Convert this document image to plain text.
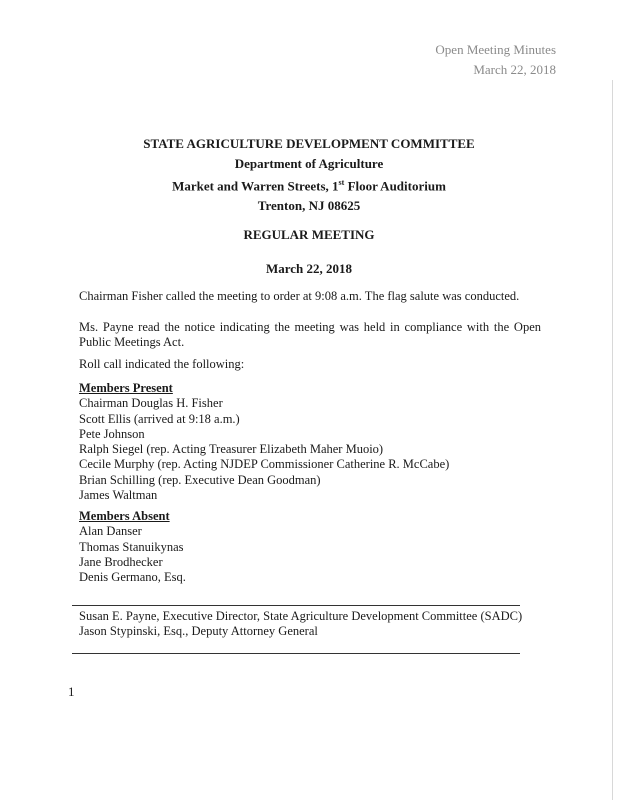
Open Meeting Minutes
March 22, 2018
STATE AGRICULTURE DEVELOPMENT COMMITTEE
Department of Agriculture
Market and Warren Streets, 1st Floor Auditorium
Trenton, NJ 08625
REGULAR MEETING
March 22, 2018
Chairman Fisher called the meeting to order at 9:08 a.m. The flag salute was conducted.
Ms. Payne read the notice indicating the meeting was held in compliance with the Open Public Meetings Act.
Roll call indicated the following:
Members Present
Chairman Douglas H. Fisher
Scott Ellis (arrived at 9:18 a.m.)
Pete Johnson
Ralph Siegel (rep. Acting Treasurer Elizabeth Maher Muoio)
Cecile Murphy (rep. Acting NJDEP Commissioner Catherine R. McCabe)
Brian Schilling (rep. Executive Dean Goodman)
James Waltman
Members Absent
Alan Danser
Thomas Stanuikynas
Jane Brodhecker
Denis Germano, Esq.
Susan E. Payne, Executive Director, State Agriculture Development Committee (SADC)
Jason Stypinski, Esq., Deputy Attorney General
1
